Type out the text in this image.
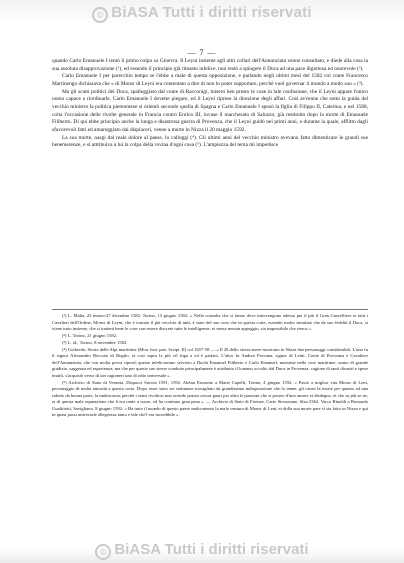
© BiASA Tutti i diritti riservati
— 7 —

quando Carlo Emanuele I tentò il primo colpo su Ginevra. Il Leyni insieme agli altri collari dell'Annunziata venne consultato, e diede alla cosa la sua assoluta disapprovazione (¹), ed essendo il principio già rimasto infelice, non restò a spingere il Duca ad una pace dignitosa ed onorevole (²).

Carlo Emanuele I per parecchio tempo se l'ebbe a male di questa opposizione, e parlando negli ultimi mesi del 1582 col conte Francesco Martinengo dichiarava che « di Monsr di Leyni era contentato a dire di non lo poter sopportare, perchè vuol governar il mondo a modo suo » (³).

Ma gli scatti politici del Duca, spalleggiato dal conte di Racconigi, misero ben presto le cose in tale confusione, che il Leyni appare l'unico uomo capace a riordinarle. Carlo Emanuele I dovette piegare, ed il Leyni riprese la direzione degli affari. Così avvenne che sotto la guida del vecchio ministro la politica piemontese si orientò secondo quella di Spagna e Carlo Emanuele I sposò la figlia di Filippo II, Caterina, e nel 1588, colta l'occasione delle rivolte generale in Francia contro Enrico III, invase il marchesato di Saluzzo, già restituito dopo la morte di Emanuele Filiberto. Di qui ebbe principio anche la lunga e disastrosa guerra di Provenza, che il Leyni guidò nei primi anni, e durante la quale, afflitto dagli sfavorevoli fatti ed amareggiato dai dispiaceri, venne a morte in Nizza il 20 maggio 1592.

La sua morte, nasgi dal reale dolore al paese, lo calloggi (⁴). Gli ultimi anni del vecchio ministro avevano fatto dimenticare le grandi sue benemerenze, e si attribuiva a lui la colpa della rovina d'ogni cosa (⁵). L'ampiezza del tema mi impedisce

(¹) L. Malia, 23 marzo-27 dicembre 1582. Torino, 13 giugno 1582: « Nella consulta che si fanno dove intervengono adesso per il più il Gran Cancelliere et tutti i Cavalieri dell'Ordine, Monsr di Leyni, che è tornato il più vecchio di tutti, è stato del suo voto che in questa corte, essendo molto simulato che da suo fedeltà il Duca, si viene tutto insieme, che si tratterà bene le cose con essere discrete tutte le intelligenze, et senza nessun appoggio, sia impossibile che riesca ».

(²) L. Torino, 21 giugno 1582.

(³) L. id., Torino, 8 novembre 1582.

(⁴) Gothredo, Storia delle Alpi marittime (Mon. hist. patr. Script. II) col 1657-58 — « Il 29 dello stesso mese morirono in Nizza due personaggi considerabili. L'uno fu il signor Alessandro Beccuto di Boglio, et così sopra la più vil fuga a ed è parlato. L'altro fu Andrea Provana, signor di Leini, Conte di Provenza e Cavaliere dell'Annunziata, che con molta prova riportò questo infelicissimo servizio a Duchi Emanuel Filiberto e Carlo Emanuel, massime nelle cose marittime, uomo di grande giudizio, saggezza ed esperienza; ma che per queste sue stesse condotte principalmente è attribuito il lontano occulto dal Duca in Provenza, cagione di tanti disastri e spese inutili, s'acquistò verso di tan cagioneri uno di odio universale ».

(⁵) Archivio di Stato di Venezia, Dispacci Savoia 1591, 1592. Aletan Fassonio a Marie Capelli, Torino, 4 giugno 1592: « Passò a miglior vita Monsr di Leni, personaggio di molta autorità a questa corte. Dopo esser stato sei settimane travagliato da grandissima indisposizione che lo tenne, gli causò la morte per quanto ad una ridotto da buona parte, la malinconia, perchè i sensi rivoltosi non avendo potuto cessar guari per altro le passioni che si posero d'uno amore et disdegno, et che su più se ne, et di questa mala reputazione che li era tanto a cuore, ed ha continuo gran pena ». — Archivio di Stato di Firenze, Carte Strozziane, filza 5362. Varco Rinaldi a Bernardo Gualtiiotti, Savigliano, 8 giugno 1592: « Ha tutto il mondo di questo paese malcontento la mala ventura di Monsr di Leni, et dolla sua morte pare sì sia fatto in Nizza e qui in quasi passi universale allegrezza tanto e tale che'l era incredibile ».

© BiASA Tutti i diritti riservati
